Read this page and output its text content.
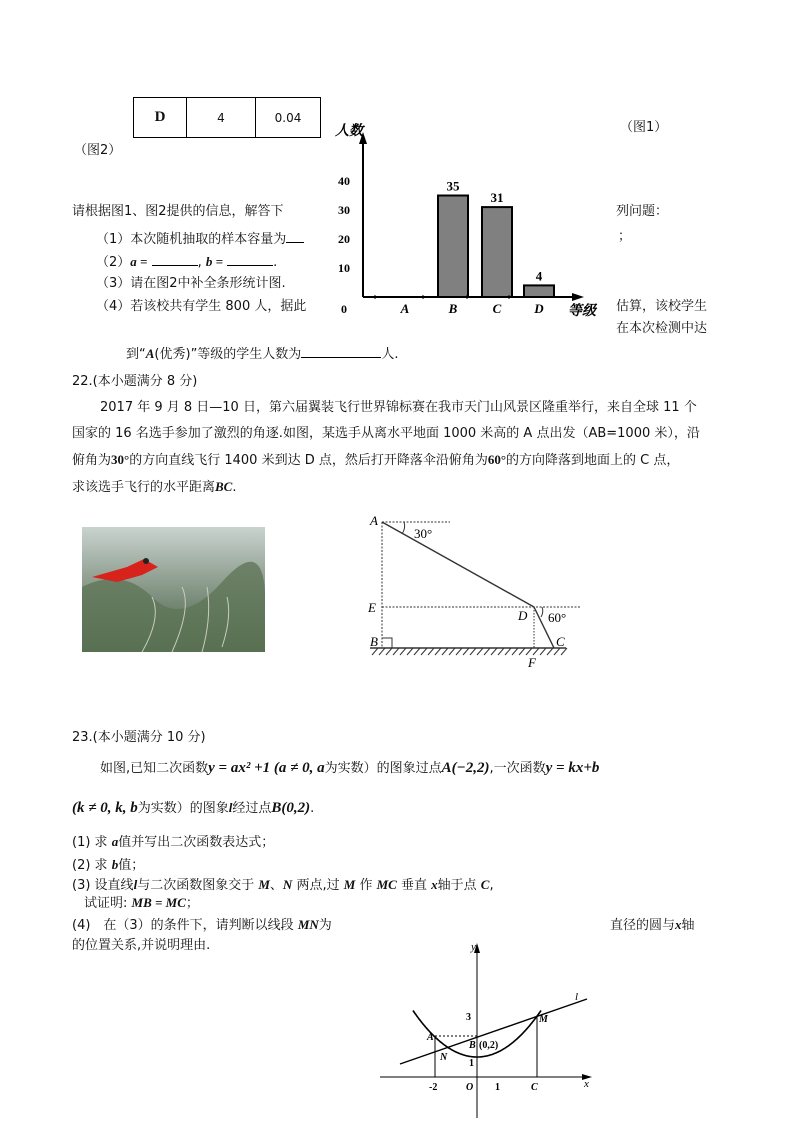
D	4	0.04
（图2）
（图1）
人数
等级
0
10
20
30
40
A	B
35
C
31
D
4
请根据图1、图2提供的信息，解答下	列问题：
（1）本次随机抽取的样本容量为	；
（2）a =	, b =	.
（3）请在图2中补全条形统计图.
（4）若该校共有学生 800 人，据此	估算，该校学生
在本次检测中达
到“A(优秀)”等级的学生人数为	人.
22.(本小题满分 8 分)
2017 年 9 月 8 日—10 日，第六届翼装飞行世界锦标赛在我市天门山风景区隆重举行，来自全球 11 个
国家的 16 名选手参加了激烈的角逐.如图，某选手从离水平地面 1000 米高的 A 点出发（AB=1000 米），沿
俯角为30°的方向直线飞行 1400 米到达 D 点，然后打开降落伞沿俯角为60°的方向降落到地面上的 C 点，
求该选手飞行的水平距离BC.
A
30°
E
D 60°
B	C
F
23.(本小题满分 10 分)
如图,已知二次函数y = ax² +1 (a ≠ 0, a为实数）的图象过点A(−2,2),一次函数y = kx+b
(k ≠ 0, k, b为实数）的图象l经过点B(0,2).
(1) 求 a值并写出二次函数表达式；
(2) 求 b值；
(3) 设直线l与二次函数图象交于 M、N 两点,过 M 作 MC 垂直 x轴于点 C,
试证明: MB = MC；
(4)　在（3）的条件下，请判断以线段 MN为	直径的圆与x轴
的位置关系,并说明理由.	y
x
l
3
1
A
N
B (0,2)
M
-2	O 1	C
